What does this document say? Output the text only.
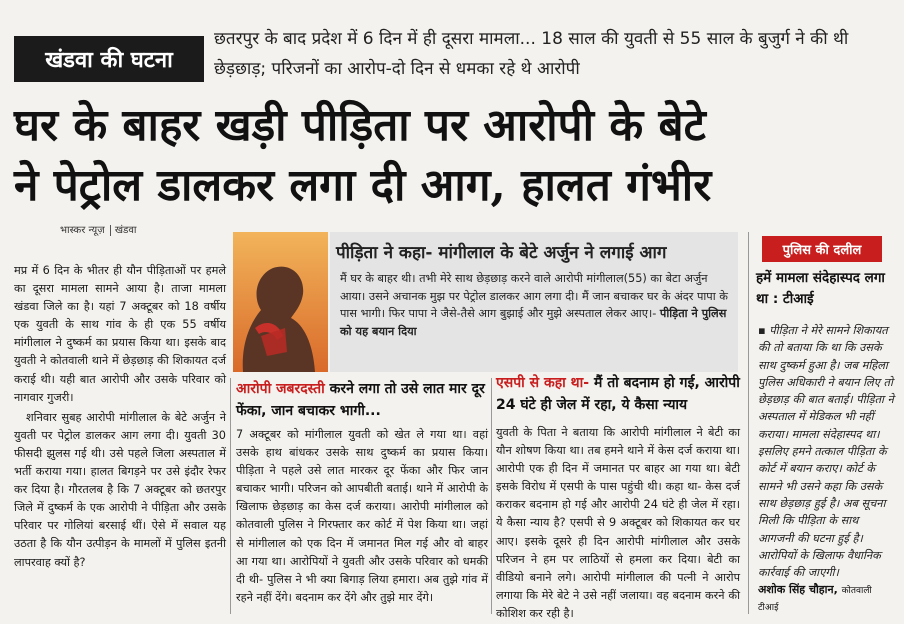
खंडवा की घटना
छतरपुर के बाद प्रदेश में 6 दिन में ही दूसरा मामला... 18 साल की युवती से 55 साल के बुजुर्ग ने की थी छेड़छाड़; परिजनों का आरोप-दो दिन से धमका रहे थे आरोपी
घर के बाहर खड़ी पीड़िता पर आरोपी के बेटे
ने पेट्रोल डालकर लगा दी आग, हालत गंभीर
भास्कर न्यूज़ खंडवा

मप्र में 6 दिन के भीतर ही यौन पीड़िताओं पर हमले का दूसरा मामला सामने आया है। ताजा मामला खंडवा जिले का है। यहां 7 अक्टूबर को 18 वर्षीय एक युवती के साथ गांव के ही एक 55 वर्षीय मांगीलाल ने दुष्कर्म का प्रयास किया था। इसके बाद युवती ने कोतवाली थाने में छेड़छाड़ की शिकायत दर्ज कराई थी। यही बात आरोपी और उसके परिवार को नागवार गुजरी।

शनिवार सुबह आरोपी मांगीलाल के बेटे अर्जुन ने युवती पर पेट्रोल डालकर आग लगा दी। युवती 30 फीसदी झुलस गई थी। उसे पहले जिला अस्पताल में भर्ती कराया गया। हालत बिगड़ने पर उसे इंदौर रेफर कर दिया है। गौरतलब है कि 7 अक्टूबर को छतरपुर जिले में दुष्कर्म के एक आरोपी ने पीड़िता और उसके परिवार पर गोलियां बरसाई थीं। ऐसे में सवाल यह उठता है कि यौन उत्पीड़न के मामलों में पुलिस इतनी लापरवाह क्यों है?

पीड़िता ने कहा- मांगीलाल के बेटे अर्जुन ने लगाई आग
मैं घर के बाहर थी। तभी मेरे साथ छेड़छाड़ करने वाले आरोपी मांगीलाल(55) का बेटा अर्जुन आया। उसने अचानक मुझ पर पेट्रोल डालकर आग लगा दी। मैं जान बचाकर घर के अंदर पापा के पास भागी। फिर पापा ने जैसे-तैसे आग बुझाई और मुझे अस्पताल लेकर आए।- पीड़िता ने पुलिस को यह बयान दिया
आरोपी जबरदस्ती करने लगा तो उसे लात मार दूर फेंका, जान बचाकर भागी...
7 अक्टूबर को मांगीलाल युवती को खेत ले गया था। वहां उसके हाथ बांधकर उसके साथ दुष्कर्म का प्रयास किया। पीड़िता ने पहले उसे लात मारकर दूर फेंका और फिर जान बचाकर भागी। परिजन को आपबीती बताई। थाने में आरोपी के खिलाफ छेड़छाड़ का केस दर्ज कराया। आरोपी मांगीलाल को कोतवाली पुलिस ने गिरफ्तार कर कोर्ट में पेश किया था। जहां से मांगीलाल को एक दिन में जमानत मिल गई और वो बाहर आ गया था। आरोपियों ने युवती और उसके परिवार को धमकी दी थी- पुलिस ने भी क्या बिगाड़ लिया हमारा। अब तुझे गांव में रहने नहीं देंगे। बदनाम कर देंगे और तुझे मार देंगे।
एसपी से कहा था- मैं तो बदनाम हो गई, आरोपी 24 घंटे ही जेल में रहा, ये कैसा न्याय
युवती के पिता ने बताया कि आरोपी मांगीलाल ने बेटी का यौन शोषण किया था। तब हमने थाने में केस दर्ज कराया था। आरोपी एक ही दिन में जमानत पर बाहर आ गया था। बेटी इसके विरोध में एसपी के पास पहुंची थी। कहा था- केस दर्ज कराकर बदनाम हो गई और आरोपी 24 घंटे ही जेल में रहा। ये कैसा न्याय है? एसपी से 9 अक्टूबर को शिकायत कर घर आए। इसके दूसरे ही दिन आरोपी मांगीलाल और उसके परिजन ने हम पर लाठियों से हमला कर दिया। बेटी का वीडियो बनाने लगे। आरोपी मांगीलाल की पत्नी ने आरोप लगाया कि मेरे बेटे ने उसे नहीं जलाया। वह बदनाम करने की कोशिश कर रही है।
पुलिस की दलील
हमें मामला संदेहास्पद लगा था : टीआई
▪ पीड़िता ने मेरे सामने शिकायत की तो बताया कि था कि उसके साथ दुष्कर्म हुआ है। जब महिला पुलिस अधिकारी ने बयान लिए तो छेड़छाड़ की बात बताई। पीड़िता ने अस्पताल में मेडिकल भी नहीं कराया। मामला संदेहास्पद था। इसलिए हमने तत्काल पीड़िता के कोर्ट में बयान कराए। कोर्ट के सामने भी उसने कहा कि उसके साथ छेड़छाड़ हुई है। अब सूचना मिली कि पीड़िता के साथ आगजनी की घटना हुई है। आरोपियों के खिलाफ वैधानिक कार्रवाई की जाएगी।
अशोक सिंह चौहान, कोतवाली
टीआई
